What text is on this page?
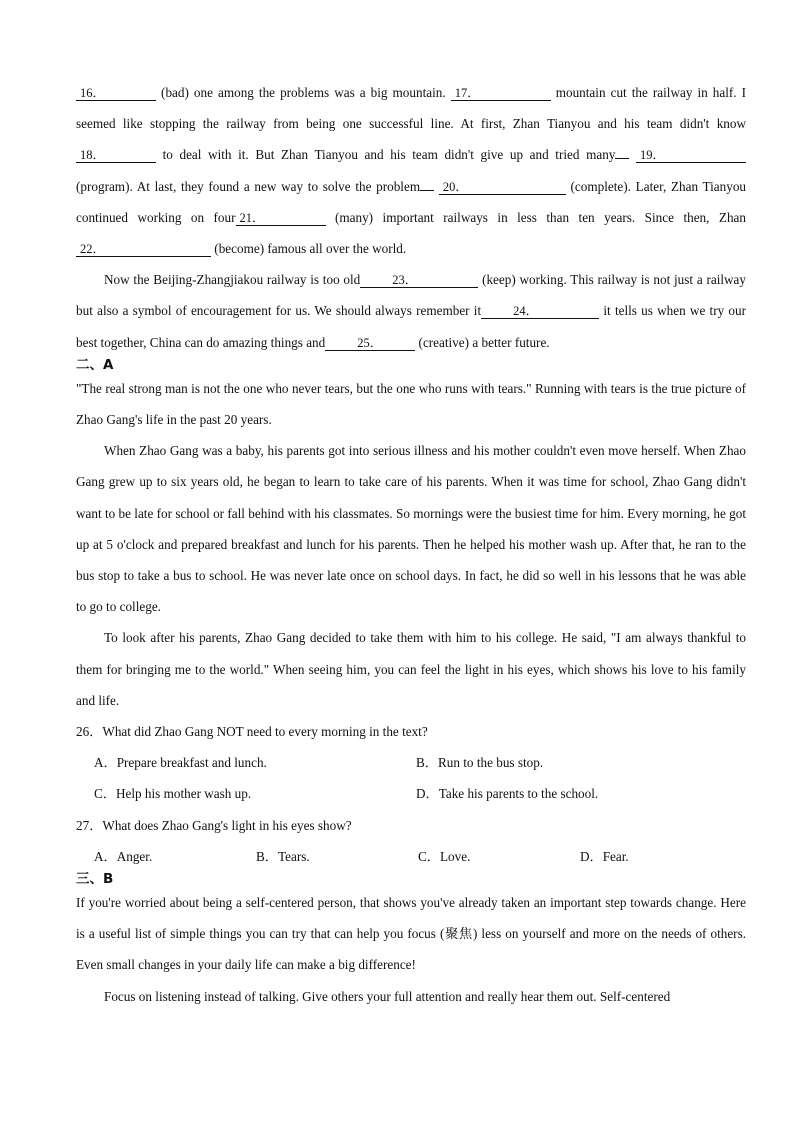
16．	(bad) one among the problems was a big mountain. 17．	mountain cut the railway in half. I seemed like stopping the railway from being one successful line. At first, Zhan Tianyou and his team didn't know18．	to deal with it. But Zhan Tianyou and his team didn't give up and tried many 19． (program). At last, they found a new way to solve the problem 20．	(complete). Later, Zhan Tianyou continued working on four 21．	(many) important railways in less than ten years. Since then, Zhan22．	(become) famous all over the world.

Now the Beijing-Zhangjiakou railway is too old	23．	(keep) working. This railway is not just a railway but also a symbol of encouragement for us. We should always remember it	24．	it tells us when we try our best together, China can do amazing things and	25．	(creative) a better future.

二、A

"The real strong man is not the one who never tears, but the one who runs with tears." Running with tears is the true picture of Zhao Gang's life in the past 20 years.

When Zhao Gang was a baby, his parents got into serious illness and his mother couldn't even move herself. When Zhao Gang grew up to six years old, he began to learn to take care of his parents. When it was time for school, Zhao Gang didn't want to be late for school or fall behind with his classmates. So mornings were the busiest time for him. Every morning, he got up at 5 o'clock and prepared breakfast and lunch for his parents. Then he helped his mother wash up. After that, he ran to the bus stop to take a bus to school. He was never late once on school days. In fact, he did so well in his lessons that he was able to go to college.

To look after his parents, Zhao Gang decided to take them with him to his college. He said, "I am always thankful to them for bringing me to the world." When seeing him, you can feel the light in his eyes, which shows his love to his family and life.

26．What did Zhao Gang NOT need to every morning in the text?

A．Prepare breakfast and lunch.	B．Run to the bus stop.
C．Help his mother wash up.	D．Take his parents to the school.

27．What does Zhao Gang's light in his eyes show?

A．Anger.	B．Tears.	C．Love.	D．Fear.
三、B

If you're worried about being a self-centered person, that shows you've already taken an important step towards change. Here is a useful list of simple things you can try that can help you focus (聚焦) less on yourself and more on the needs of others. Even small changes in your daily life can make a big difference!

Focus on listening instead of talking. Give others your full attention and really hear them out. Self-centered
